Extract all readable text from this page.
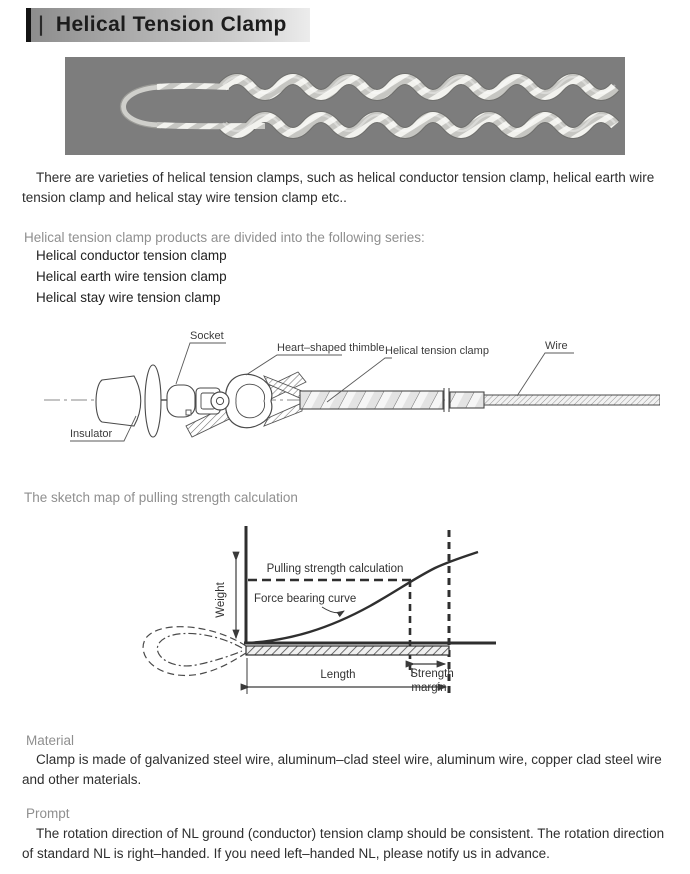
| Helical Tension Clamp

There are varieties of helical tension clamps, such as helical conductor tension clamp, helical earth wire tension clamp and helical stay wire tension clamp etc..

Helical tension clamp products are divided into the following series:
Helical conductor tension clamp
Helical earth wire tension clamp
Helical stay wire tension clamp
Socket
Heart–shaped thimble Helical tension clamp	Wire
Insulator
The sketch map of pulling strength calculation
Weight
Pulling strength calculation
Force bearing curve
Length	Strength
margin
Material

Clamp is made of galvanized steel wire, aluminum–clad steel wire, aluminum wire, copper clad steel wire and other materials.

Prompt

The rotation direction of NL ground (conductor) tension clamp should be consistent. The rotation direction of standard NL is right–handed. If you need left–handed NL, please notify us in advance.
